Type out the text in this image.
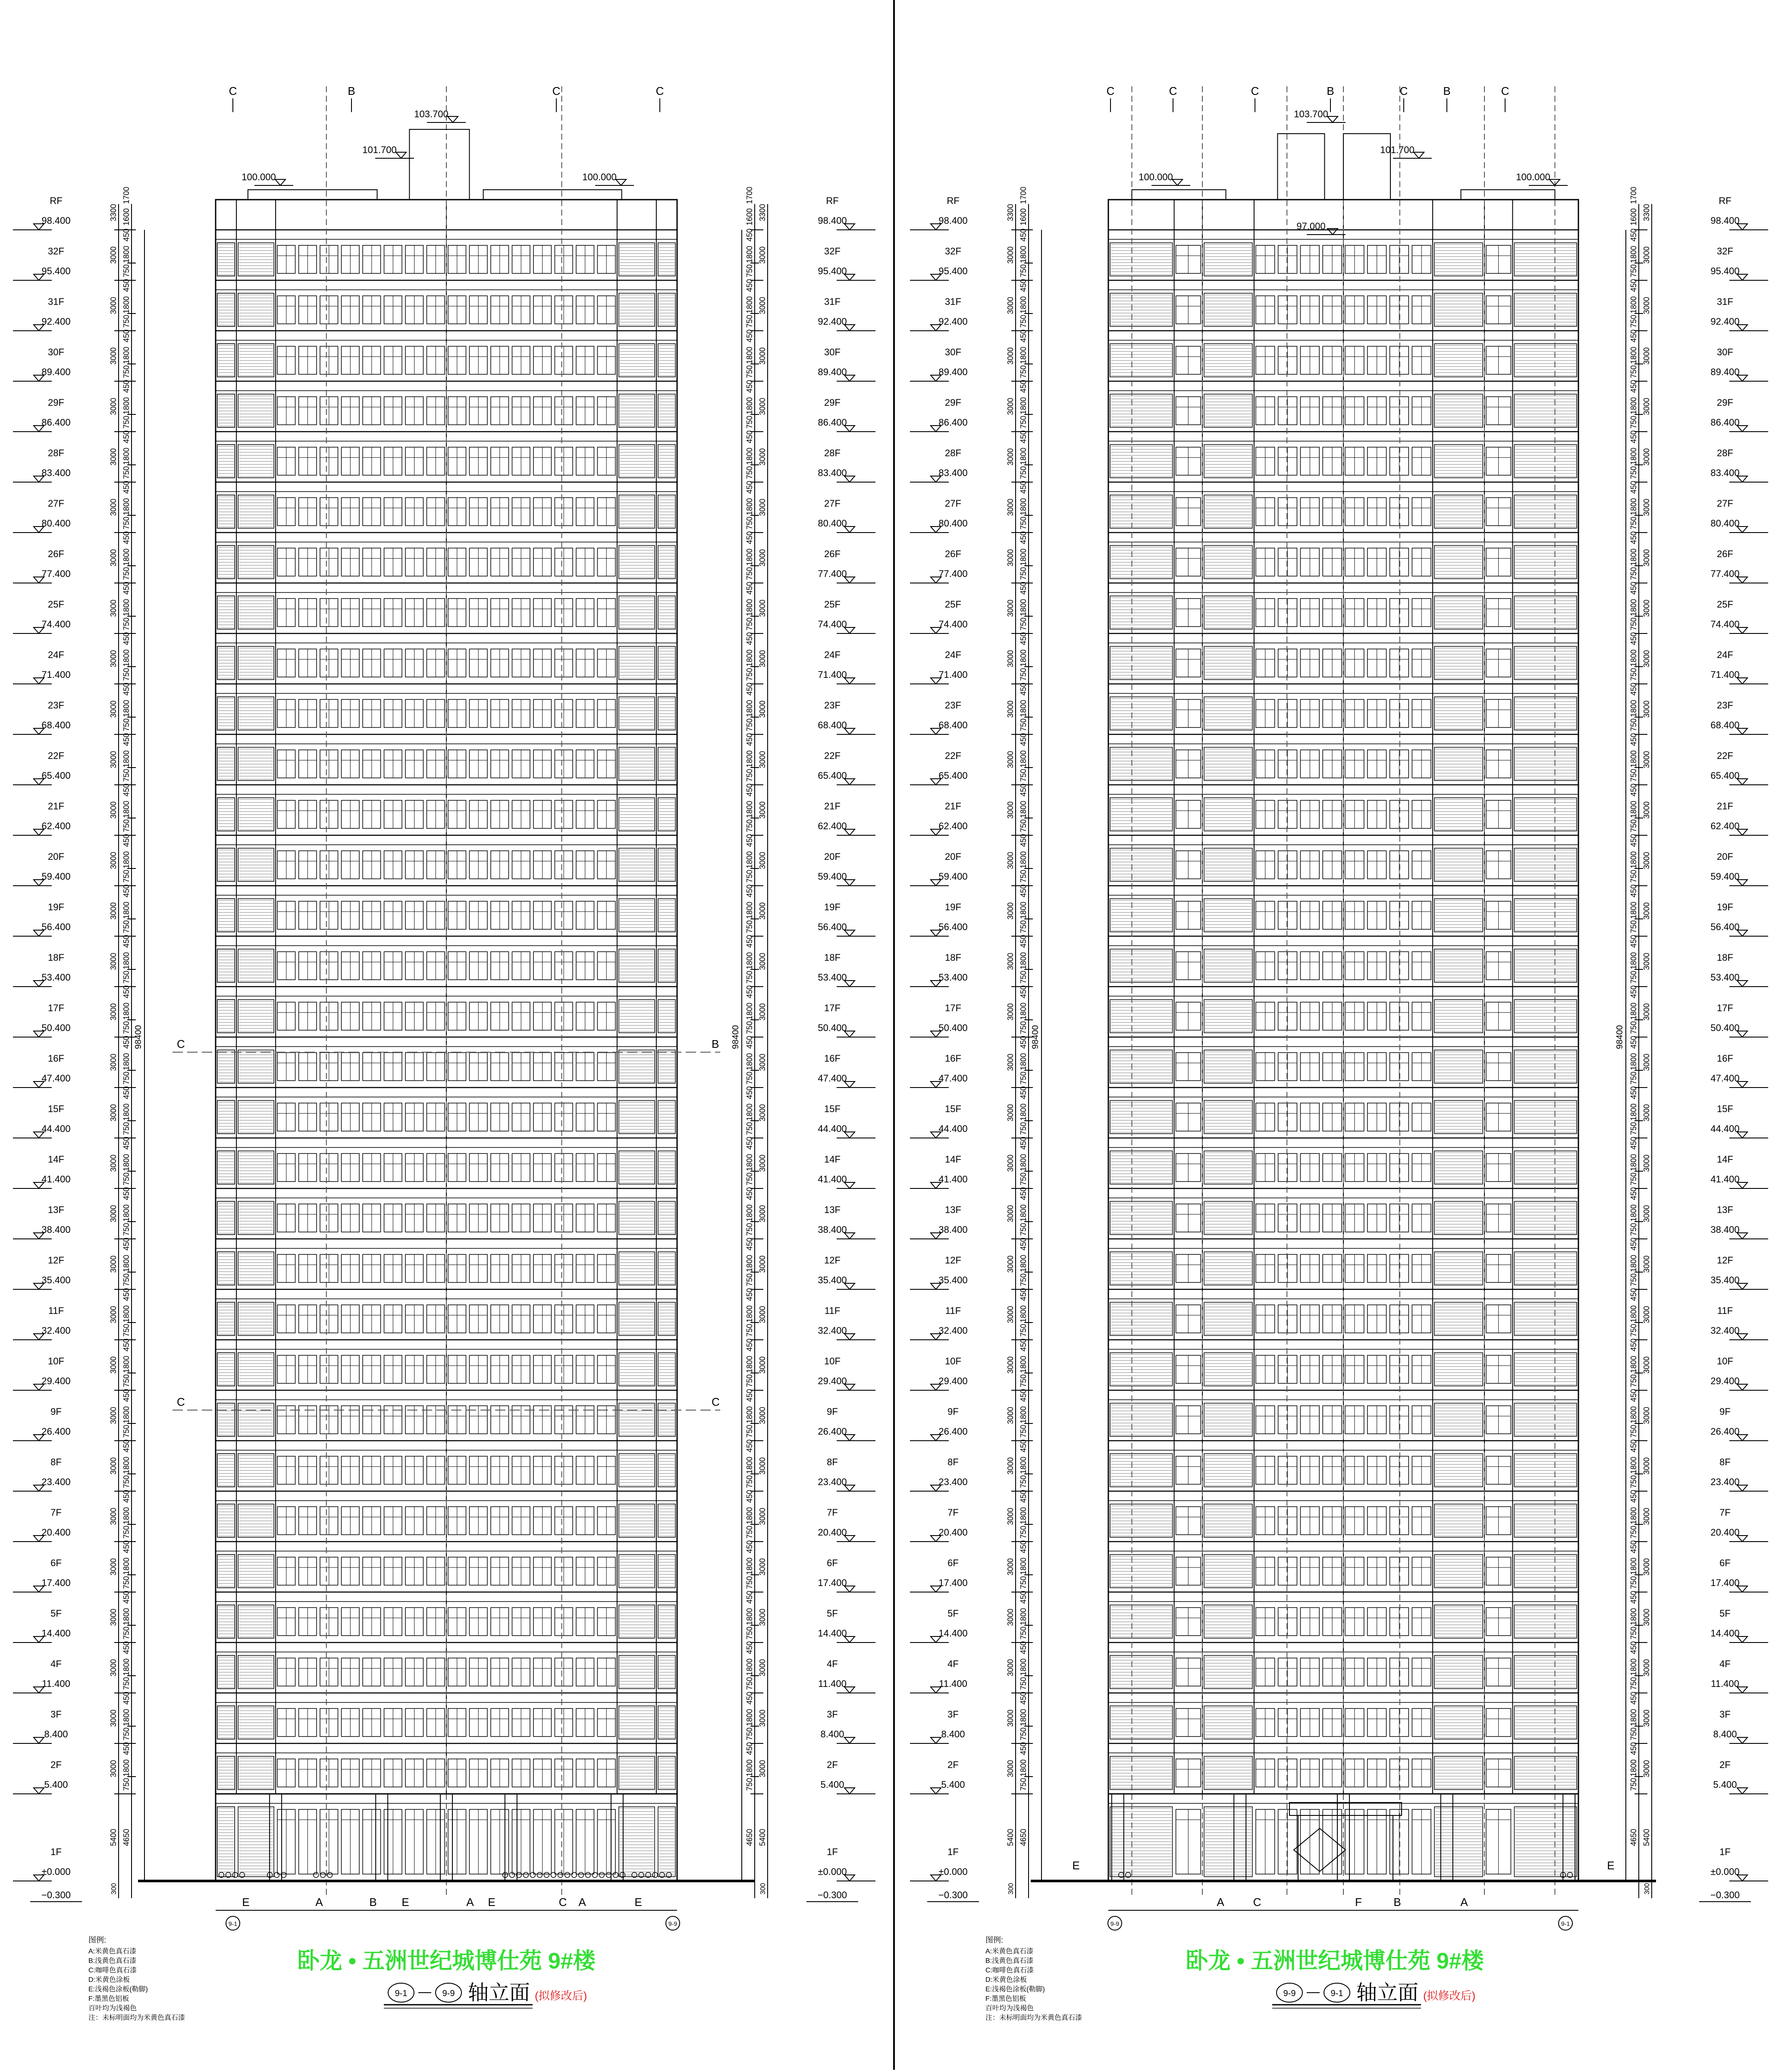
1F
±0.000
2F
5.400
3F
8.400
4F
11.400
5F
14.400
6F
17.400
7F
20.400
8F
23.400
9F
26.400
10F
29.400
11F
32.400
12F
35.400
13F
38.400
14F
41.400
15F
44.400
16F
47.400
17F
50.400
18F
53.400
19F
56.400
20F
59.400
21F
62.400
22F
65.400
23F
68.400
24F
71.400
25F
74.400
26F
77.400
27F
80.400
28F
83.400
29F
86.400
30F
89.400
31F
92.400
32F
95.400
RF
98.400
−0.300
98400
5400 4650
3000 1800
750
450
3000 1800
750
450
3000 1800
750
450
3000 1800
750
450
3000 1800
750
450
3000 1800
750
450
3000 1800
750
450
3000 1800
750
450
3000 1800
750
450
3000 1800
750
450
3000 1800
750
450
3000 1800
750
450
3000 1800
750
450
3000 1800
750
450
3000 1800
750
450
3000 1800
750
450
3000 1800
750
450
3000 1800
750
450
3000 1800
750
450
3000 1800
750
450
3000 1800
750
450
3000 1800
750
450
3000 1800
750
450
3000 1800
750
450
3000 1800
750
450
3000 1800
750
450
3000 1800
750
450
3000 1800
750
450
3000 1800
750
450
3000 1800
750
450
3000 1800
750
450
3300 1600
1700
300
1F
±0.000
2F
5.400
3F
8.400
4F
11.400
5F
14.400
6F
17.400
7F
20.400
8F
23.400
9F
26.400
10F
29.400
11F
32.400
12F
35.400
13F
38.400
14F
41.400
15F
44.400
16F
47.400
17F
50.400
18F
53.400
19F
56.400
20F
59.400
21F
62.400
22F
65.400
23F
68.400
24F
71.400
25F
74.400
26F
77.400
27F
80.400
28F
83.400
29F
86.400
30F
89.400
31F
92.400
32F
95.400
RF
98.400
−0.300
98400
5400
4650
3000
1800
750
450
3000
1800
750
450
3000
1800
750
450
3000
1800
750
450
3000
1800
750
450
3000
1800
750
450
3000
1800
750
450
3000
1800
750
450
3000
1800
750
450
3000
1800
750
450
3000
1800
750
450
3000
1800
750
450
3000
1800
750
450
3000
1800
750
450
3000
1800
750
450
3000
1800
750
450
3000
1800
750
450
3000
1800
750
450
3000
1800
750
450
3000
1800
750
450
3000
1800
750
450
3000
1800
750
450
3000
1800
750
450
3000
1800
750
450
3000
1800
750
450
3000
1800
750
450
3000
1800
750
450
3000
1800
750
450
3000
1800
750
450
3000
1800
750
450
3000
1800
750
450
3300
1600
1700
300
C	B	C	C
103.700
101.700
100.000	100.000
E	A	B E	A E	C A	E
9-1	9-9
C	B
C	C
1F
±0.000
2F
5.400
3F
8.400
4F
11.400
5F
14.400
6F
17.400
7F
20.400
8F
23.400
9F
26.400
10F
29.400
11F
32.400
12F
35.400
13F
38.400
14F
41.400
15F
44.400
16F
47.400
17F
50.400
18F
53.400
19F
56.400
20F
59.400
21F
62.400
22F
65.400
23F
68.400
24F
71.400
25F
74.400
26F
77.400
27F
80.400
28F
83.400
29F
86.400
30F
89.400
31F
92.400
32F
95.400
RF
98.400
−0.300
98400
5400 4650
3000 1800
750
450
3000 1800
750
450
3000 1800
750
450
3000 1800
750
450
3000 1800
750
450
3000 1800
750
450
3000 1800
750
450
3000 1800
750
450
3000 1800
750
450
3000 1800
750
450
3000 1800
750
450
3000 1800
750
450
3000 1800
750
450
3000 1800
750
450
3000 1800
750
450
3000 1800
750
450
3000 1800
750
450
3000 1800
750
450
3000 1800
750
450
3000 1800
750
450
3000 1800
750
450
3000 1800
750
450
3000 1800
750
450
3000 1800
750
450
3000 1800
750
450
3000 1800
750
450
3000 1800
750
450
3000 1800
750
450
3000 1800
750
450
3000 1800
750
450
3000 1800
750
450
3300 1600
1700
300
1F
±0.000
2F
5.400
3F
8.400
4F
11.400
5F
14.400
6F
17.400
7F
20.400
8F
23.400
9F
26.400
10F
29.400
11F
32.400
12F
35.400
13F
38.400
14F
41.400
15F
44.400
16F
47.400
17F
50.400
18F
53.400
19F
56.400
20F
59.400
21F
62.400
22F
65.400
23F
68.400
24F
71.400
25F
74.400
26F
77.400
27F
80.400
28F
83.400
29F
86.400
30F
89.400
31F
92.400
32F
95.400
RF
98.400
−0.300
98400
5400
4650
3000
1800
750
450
3000
1800
750
450
3000
1800
750
450
3000
1800
750
450
3000
1800
750
450
3000
1800
750
450
3000
1800
750
450
3000
1800
750
450
3000
1800
750
450
3000
1800
750
450
3000
1800
750
450
3000
1800
750
450
3000
1800
750
450
3000
1800
750
450
3000
1800
750
450
3000
1800
750
450
3000
1800
750
450
3000
1800
750
450
3000
1800
750
450
3000
1800
750
450
3000
1800
750
450
3000
1800
750
450
3000
1800
750
450
3000
1800
750
450
3000
1800
750
450
3000
1800
750
450
3000
1800
750
450
3000
1800
750
450
3000
1800
750
450
3000
1800
750
450
3000
1800
750
450
3300
1600
1700
300
C	C	C	B	C	B	C
103.700
101.700
100.000	100.000
97.000
A	C	F	B	A
E	E
9-9	9-1
图例:
A:米黄色真石漆
B:浅黄色真石漆
C:咖啡色真石漆
D:米黄色涂板
E:浅褐色涂板(勒脚)
F:墨黑色铝板
百叶均为浅褐色
注：未标明面均为米黄色真石漆
图例:
A:米黄色真石漆
B:浅黄色真石漆
C:咖啡色真石漆
D:米黄色涂板
E:浅褐色涂板(勒脚)
F:墨黑色铝板
百叶均为浅褐色
注：未标明面均为米黄色真石漆
卧龙 • 五洲世纪城博仕苑 9#楼	卧龙 • 五洲世纪城博仕苑 9#楼
9-1	9-9 轴立面 (拟修改后)	9-9	9-1 轴立面 (拟修改后)
